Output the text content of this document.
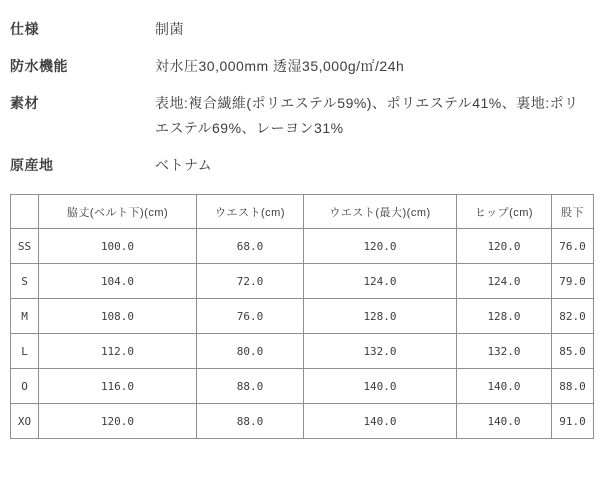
仕様	制菌
防水機能	対水圧30,000mm 透湿35,000g/㎡/24h
素材	表地:複合繊維(ポリエステル59%)、ポリエステル41%、裏地:ポリエステル69%、レーヨン31%
原産地	ベトナム
	脇丈(ベルト下)(cm)	ウエスト(cm)	ウエスト(最大)(cm)	ヒップ(cm)	股下
SS	100.0	68.0	120.0	120.0	76.0
S	104.0	72.0	124.0	124.0	79.0
M	108.0	76.0	128.0	128.0	82.0
L	112.0	80.0	132.0	132.0	85.0
O	116.0	88.0	140.0	140.0	88.0
XO	120.0	88.0	140.0	140.0	91.0
